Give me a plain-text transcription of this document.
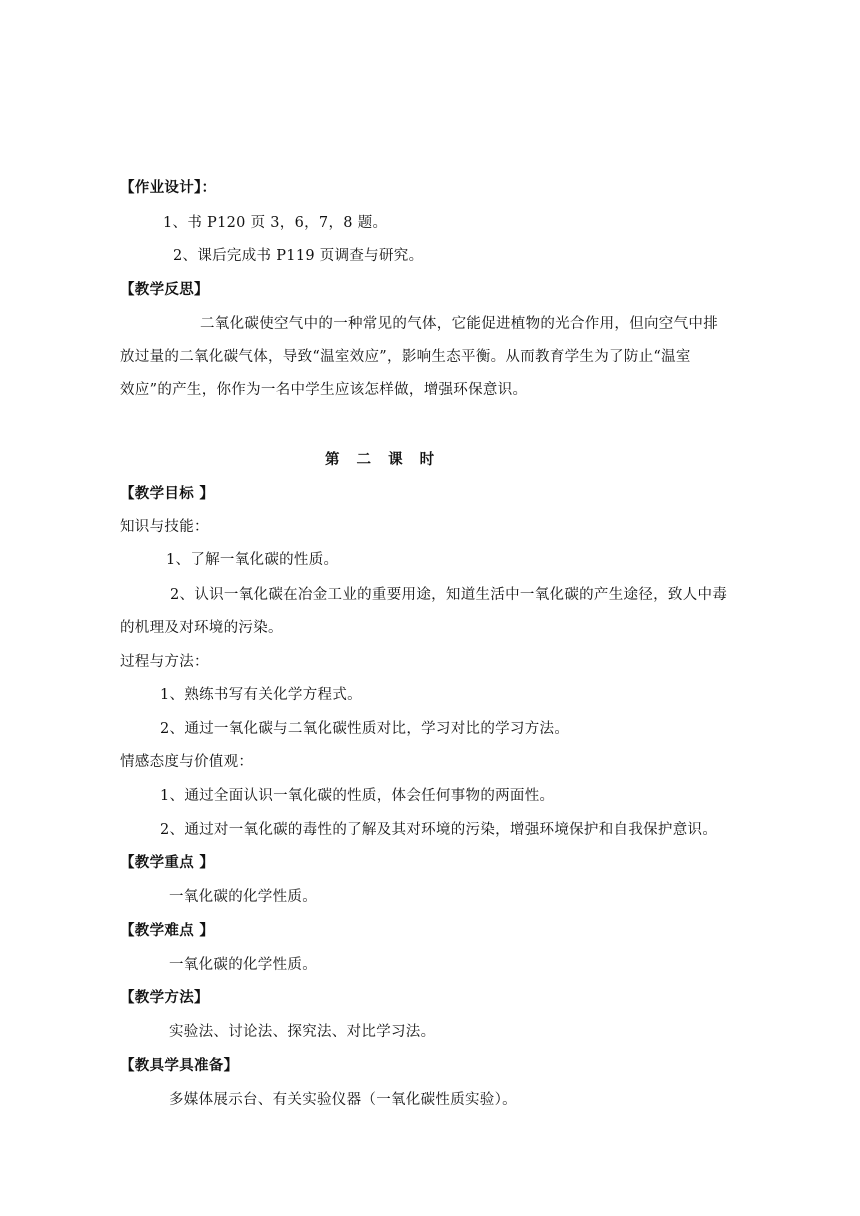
【作业设计】：
1、书 P120 页 3，6，7，8 题。
2、课后完成书 P119 页调查与研究。
【教学反思】
二氧化碳使空气中的一种常见的气体，它能促进植物的光合作用，但向空气中排
放过量的二氧化碳气体，导致“温室效应”，影响生态平衡。从而教育学生为了防止“温室
效应”的产生，你作为一名中学生应该怎样做，增强环保意识。
第 二 课 时
【教学目标 】
知识与技能：
1、了解一氧化碳的性质。
2、认识一氧化碳在冶金工业的重要用途，知道生活中一氧化碳的产生途径，致人中毒
的机理及对环境的污染。
过程与方法：
1、熟练书写有关化学方程式。
2、通过一氧化碳与二氧化碳性质对比，学习对比的学习方法。
情感态度与价值观：
1、通过全面认识一氧化碳的性质，体会任何事物的两面性。
2、通过对一氧化碳的毒性的了解及其对环境的污染，增强环境保护和自我保护意识。
【教学重点 】
一氧化碳的化学性质。
【教学难点 】
一氧化碳的化学性质。
【教学方法】
实验法、讨论法、探究法、对比学习法。
【教具学具准备】
多媒体展示台、有关实验仪器（一氧化碳性质实验）。
